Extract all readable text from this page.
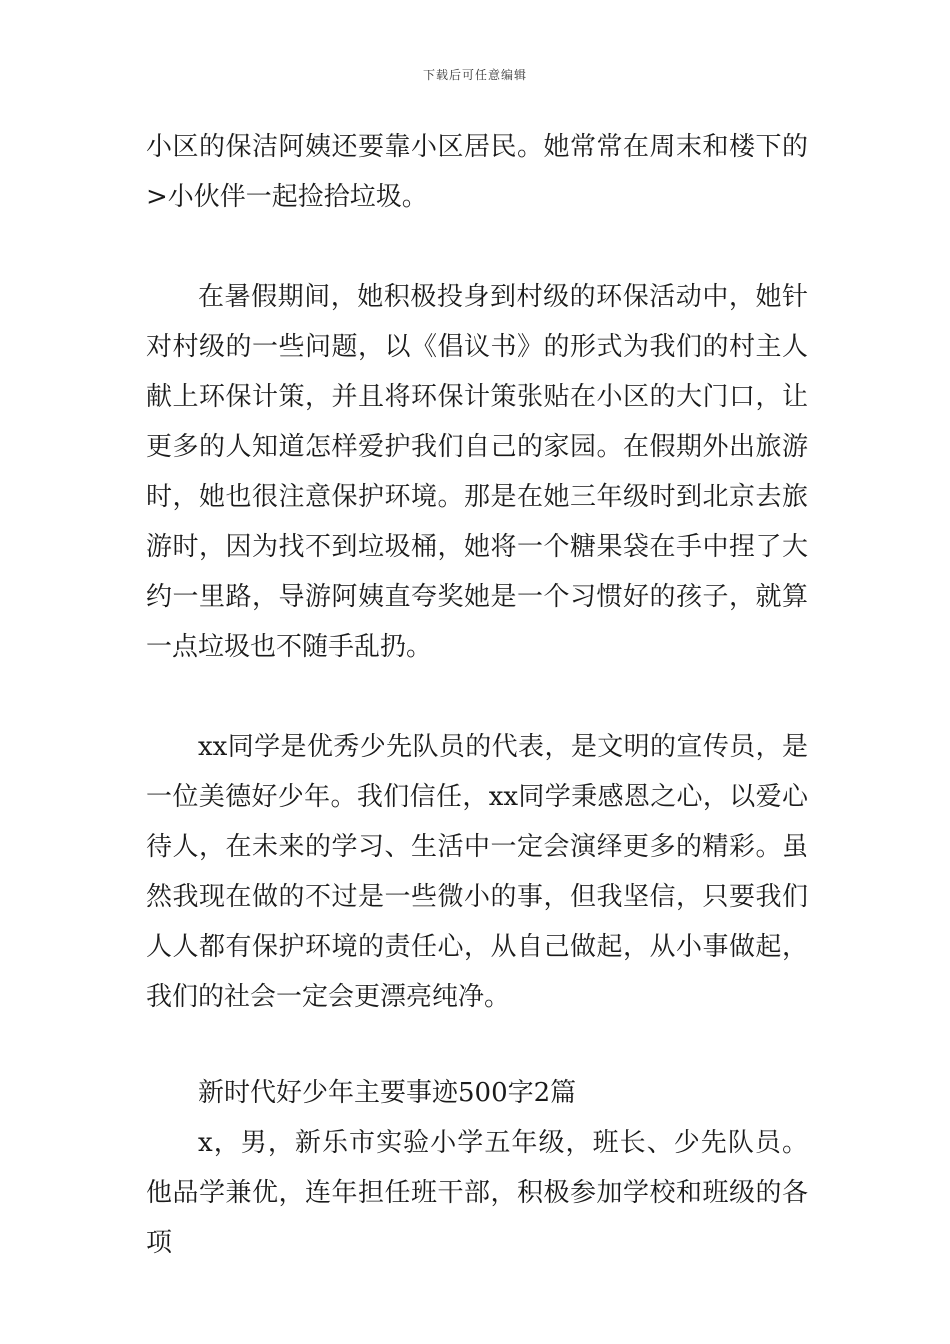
下载后可任意编辑

小区的保洁阿姨还要靠小区居民。她常常在周末和楼下的>小伙伴一起捡拾垃圾。

在暑假期间，她积极投身到村级的环保活动中，她针对村级的一些问题，以《倡议书》的形式为我们的村主人献上环保计策，并且将环保计策张贴在小区的大门口，让更多的人知道怎样爱护我们自己的家园。在假期外出旅游时，她也很注意保护环境。那是在她三年级时到北京去旅游时，因为找不到垃圾桶，她将一个糖果袋在手中捏了大约一里路，导游阿姨直夸奖她是一个习惯好的孩子，就算一点垃圾也不随手乱扔。

xx同学是优秀少先队员的代表，是文明的宣传员，是一位美德好少年。我们信任，xx同学秉感恩之心，以爱心待人，在未来的学习、生活中一定会演绎更多的精彩。虽然我现在做的不过是一些微小的事，但我坚信，只要我们人人都有保护环境的责任心，从自己做起，从小事做起，我们的社会一定会更漂亮纯净。

新时代好少年主要事迹500字2篇

x，男，新乐市实验小学五年级，班长、少先队员。他品学兼优，连年担任班干部，积极参加学校和班级的各项
